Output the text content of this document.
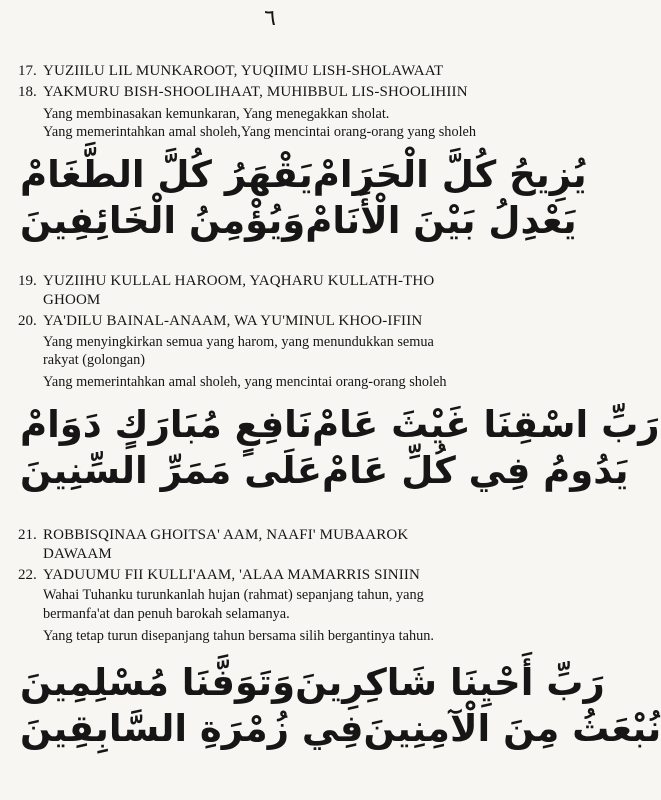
٦
17. YUZIILU LIL MUNKAROOT, YUQIIMU LISH-SHOLAWAAT
18. YAKMURU BISH-SHOOLIHAAT, MUHIBBUL LIS-SHOOLIHIIN
Yang membinasakan kemunkaran, Yang menegakkan sholat.
Yang memerintahkan amal sholeh,Yang mencintai orang-orang yang sholeh
يَقْهَرُ كُلَّ الطَّغَامْ يُزِيحُ كُلَّ الْحَرَامْ
وَيُؤْمِنُ الْخَائِفِينَ يَعْدِلُ بَيْنَ الْأَنَامْ
19. YUZIIHU KULLAL HAROOM, YAQHARU KULLATH-THO
GHOOM
20. YA'DILU BAINAL-ANAAM, WA YU'MINUL KHOO-IFIIN
Yang menyingkirkan semua yang harom, yang menundukkan semua
rakyat (golongan)
Yang memerintahkan amal sholeh, yang mencintai orang-orang sholeh
نَافِعٍ مُبَارَكٍ دَوَامْ رَبِّ اسْقِنَا غَيْثَ عَامْ
عَلَى مَمَرِّ السِّنِينَ يَدُومُ فِي كُلِّ عَامْ
21. ROBBISQINAA GHOITSA' AAM, NAAFI' MUBAAROK
DAWAAM
22. YADUUMU FII KULLI'AAM, 'ALAA MAMARRIS SINIIN
Wahai Tuhanku turunkanlah hujan (rahmat) sepanjang tahun, yang
bermanfa'at dan penuh barokah selamanya.
Yang tetap turun disepanjang tahun bersama silih bergantinya tahun.
وَتَوَفَّنَا مُسْلِمِينَ رَبِّ أَحْيِنَا شَاكِرِينَ
فِي زُمْرَةِ السَّابِقِينَ نُبْعَثُ مِنَ الْآمِنِينَ
